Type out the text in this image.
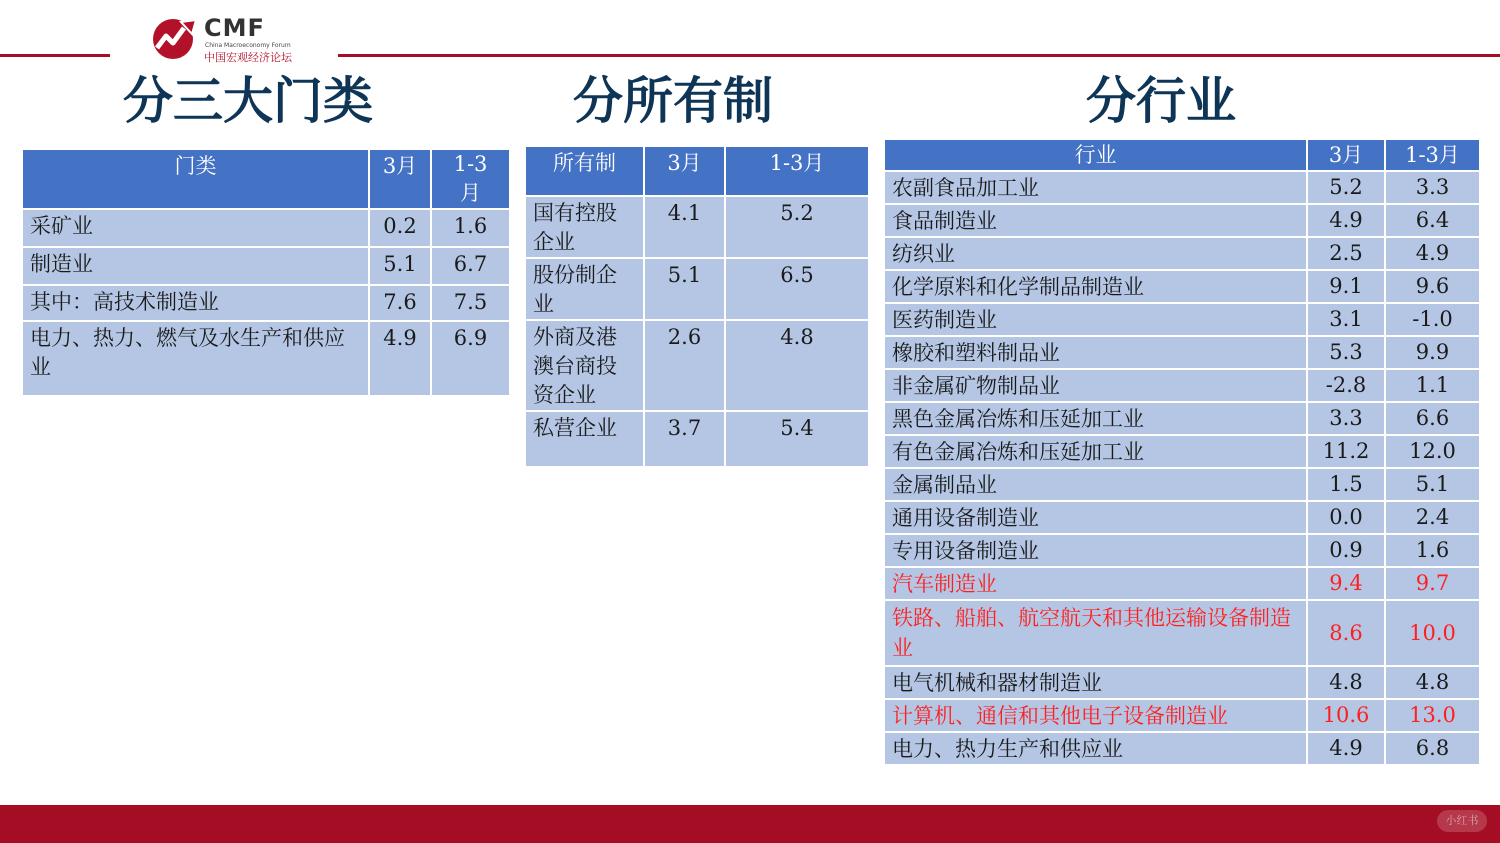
CMF
China Macroeconomy Forum
中国宏观经济论坛
分三大门类	分所有制	分行业
门类	3月	1-3月
采矿业	0.2	1.6
制造业	5.1	6.7
其中：高技术制造业	7.6	7.5
电力、热力、燃气及水生产和供应业	4.9	6.9
所有制	3月	1-3月
国有控股企业	4.1	5.2
股份制企业	5.1	6.5
外商及港澳台商投资企业	2.6	4.8
私营企业	3.7	5.4
行业	3月	1-3月
农副食品加工业	5.2	3.3
食品制造业	4.9	6.4
纺织业	2.5	4.9
化学原料和化学制品制造业	9.1	9.6
医药制造业	3.1	-1.0
橡胶和塑料制品业	5.3	9.9
非金属矿物制品业	-2.8	1.1
黑色金属冶炼和压延加工业	3.3	6.6
有色金属冶炼和压延加工业	11.2	12.0
金属制品业	1.5	5.1
通用设备制造业	0.0	2.4
专用设备制造业	0.9	1.6
汽车制造业	9.4	9.7
铁路、船舶、航空航天和其他运输设备制造业	8.6	10.0
电气机械和器材制造业	4.8	4.8
计算机、通信和其他电子设备制造业	10.6	13.0
电力、热力生产和供应业	4.9	6.8
小红书
